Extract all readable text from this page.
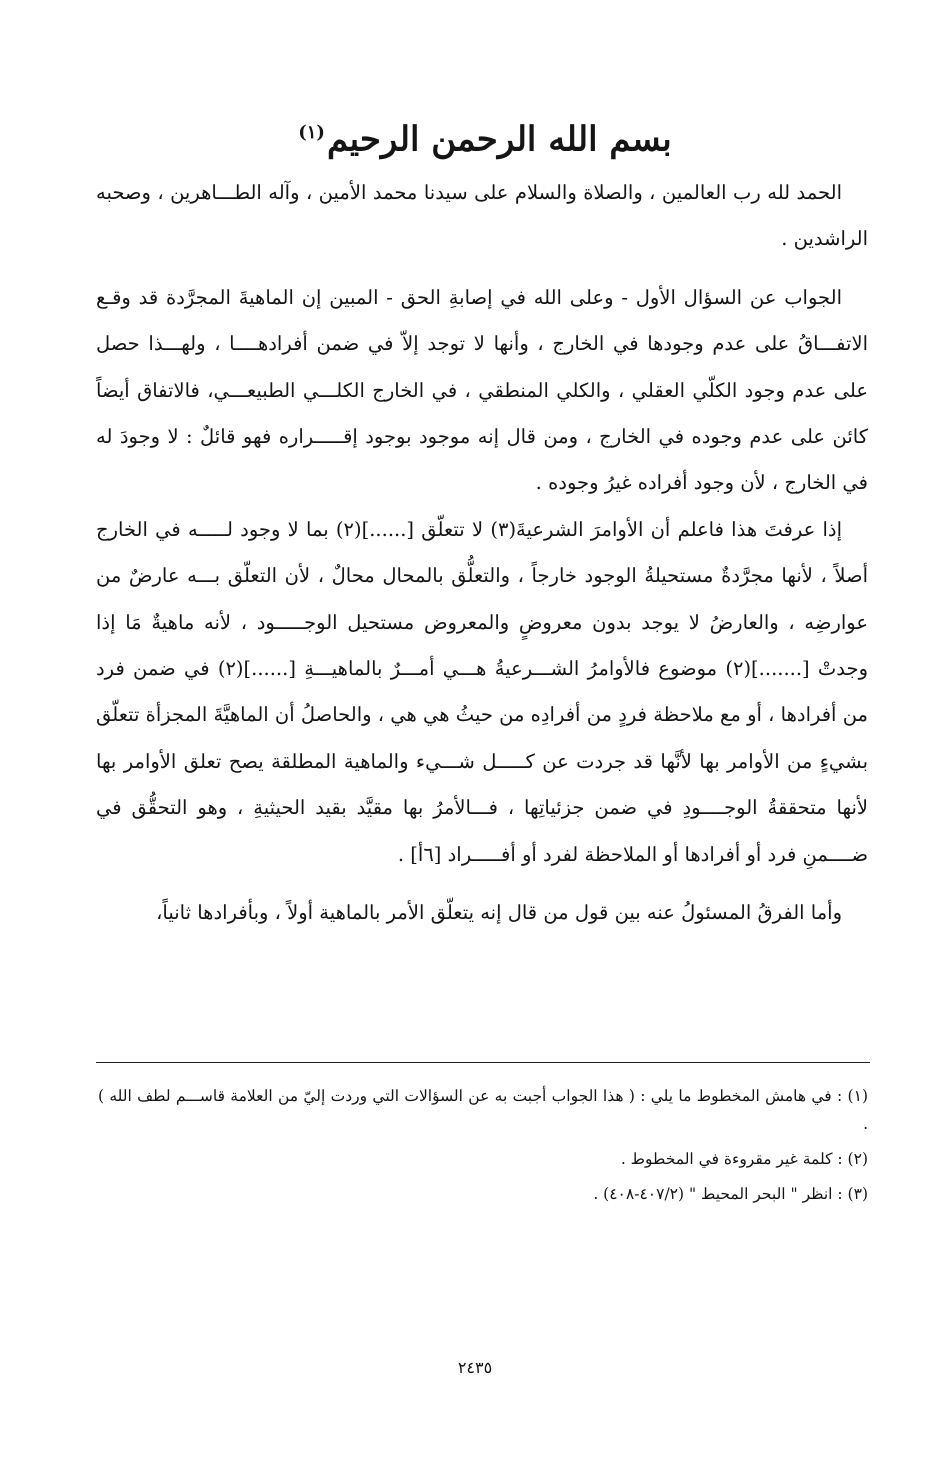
بسم الله الرحمن الرحيم$^{(١)}$

الحمد لله رب العالمين ، والصلاة والسلام على سيدنا محمد الأمين ، وآله الطـــاهرين ، وصحبه الراشدين .

الجواب عن السؤال الأول - وعلى الله في إصابةِ الحق - المبين إن الماهيةَ المجرَّدة قد وقـع الاتفـــاقُ على عدم وجودها في الخارج ، وأنها لا توجد إلاّ في ضمن أفرادهــــا ، ولهـــذا حصل على عدم وجود الكلّي العقلي ، والكلي المنطقي ، في الخارج الكلـــي الطبيعـــي، فالاتفاق أيضاً كائن على عدم وجوده في الخارج ، ومن قال إنه موجود بوجود إقـــــراره فهو قائلٌ : لا وجودَ له في الخارج ، لأن وجود أفراده غيرُ وجوده .

إذا عرفتَ هذا فاعلم أن الأوامرَ الشرعيةَ(٣) لا تتعلّق [......](٢) بما لا وجود لـــــه في الخارج أصلاً ، لأنها مجرَّدةٌ مستحيلةُ الوجود خارجاً ، والتعلُّق بالمحال محالٌ ، لأن التعلّق بـــه عارضٌ من عوارضِه ، والعارضُ لا يوجد بدون معروضٍ والمعروض مستحيل الوجـــــود ، لأنه ماهيةٌ مَا إذا وجدتْ [.......](٢) موضوع فالأوامرُ الشـــرعيةُ هـــي أمـــرٌ بالماهيـــةِ [......](٢) في ضمن فرد من أفرادها ، أو مع ملاحظة فردٍ من أفرادِه من حيثُ هي هي ، والحاصلُ أن الماهيَّةَ المجزأة تتعلّق بشيءٍ من الأوامر بها لأنَّها قد جردت عن كـــــل شـــيء والماهية المطلقة يصح تعلق الأوامر بها لأنها متحققةُ الوجــــودِ في ضمن جزئياتِها ، فـــالأمرُ بها مقيَّد بقيد الحيثيةِ ، وهو التحقُّق في ضــــمنِ فرد أو أفرادها أو الملاحظة لفرد أو أفـــــراد [٦أ] .

وأما الفرقُ المسئولُ عنه بين قول من قال إنه يتعلّق الأمر بالماهية أولاً ، وبأفرادها ثانياً،

(١) : في هامش المخطوط ما يلي : ( هذا الجواب أجبت به عن السؤالات التي وردت إليّ من العلامة قاســـم لطف الله ) .

(٢) : كلمة غير مقروءة في المخطوط .

(٣) : انظر " البحر المحيط " (٤٠٧/٢-٤٠٨) .

٢٤٣٥
